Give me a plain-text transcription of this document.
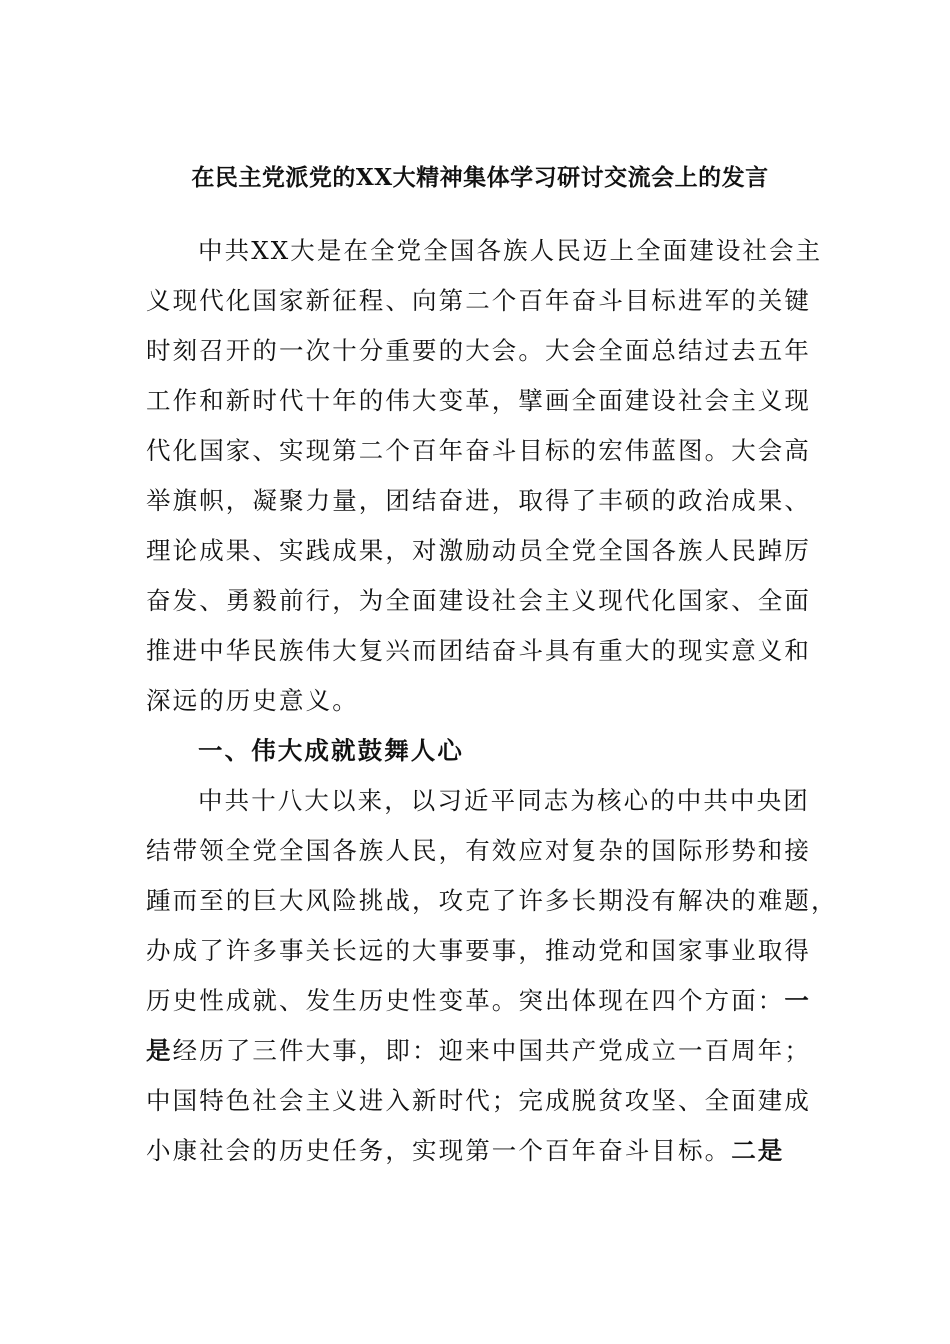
在民主党派党的XX大精神集体学习研讨交流会上的发言
中共XX大是在全党全国各族人民迈上全面建设社会主
义现代化国家新征程、向第二个百年奋斗目标进军的关键
时刻召开的一次十分重要的大会。大会全面总结过去五年
工作和新时代十年的伟大变革，擘画全面建设社会主义现
代化国家、实现第二个百年奋斗目标的宏伟蓝图。大会高
举旗帜，凝聚力量，团结奋进，取得了丰硕的政治成果、
理论成果、实践成果，对激励动员全党全国各族人民踔厉
奋发、勇毅前行，为全面建设社会主义现代化国家、全面
推进中华民族伟大复兴而团结奋斗具有重大的现实意义和
深远的历史意义。
一、伟大成就鼓舞人心
中共十八大以来，以习近平同志为核心的中共中央团
结带领全党全国各族人民，有效应对复杂的国际形势和接
踵而至的巨大风险挑战，攻克了许多长期没有解决的难题，
办成了许多事关长远的大事要事，推动党和国家事业取得
历史性成就、发生历史性变革。突出体现在四个方面：一
是经历了三件大事，即：迎来中国共产党成立一百周年；
中国特色社会主义进入新时代；完成脱贫攻坚、全面建成
小康社会的历史任务，实现第一个百年奋斗目标。二是
